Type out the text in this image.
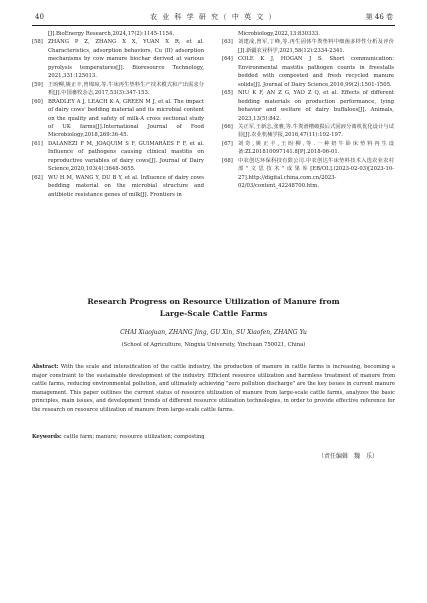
40	农 业 科 学 研 究（ 中 英 文 ）	第 46 卷
[J].BioEnergy Research,2024,17(2):1145-1154.
[58] ZHANG P Z, ZHANG X X, YUAN X R, et al. Characteristics, adsorption behaviors, Cu (II) adsorption mechanisms by cow manure biochar derived at various pyrolysis temperatures[J]. Bioresource Technology, 2021,331:125013.
[59] 王盼柳,姚正丰,曾锦琼,等.牛床再生垫料生产技术模式和产出需求分析[J].中国畜牧杂志,2017,53(3):347-153.
[60] BRADLEY A J, LEACH K A, GREEN M J, et al. The impact of dairy cows' bedding material and its microbial content on the quality and safety of milk-A cross sectional study of UK farms[J].International Journal of Food Microbiology,2018,269:36-45.
[61] DALANEZI F M, JOAQUIM S F, GUIMARÃES F F, et al. Influence of pathogens causing clinical mastitis on reproductive variables of dairy cows[J]. Journal of Dairy Science,2020,103(4):3648-3655.
[62] WU H M, WANG Y, DU B Y, et al. Influence of dairy cows bedding material on the microbial structure and antibiotic resistance genes of milk[J]. Frontiers in
Microbiology,2022,13:830333.
[63] 刘建成,曾军,丁峰,等.再生固体牛粪垫料中细菌多样性分析及评价[J].新疆农业科学,2021,58(12):2334-2341.
[64] COLE K J, HOGAN J S. Short communication: Environmental mastitis pathogen counts in freestalls bedded with composted and fresh recycled manure solids[J]. Journal of Dairy Science,2016,99(2):1501-1505.
[65] NIU K F, AN Z G, YAO Z Q, et al. Effects of different bedding materials on production performance, lying behavior and welfare of dairy buffaloes[J]. Animals, 2023,13(5):842.
[66] 关正军,王新志,张雅,等.牛粪滑槽破损后式固液分离机优化设计与试验[J].农业机械学报,2016,47(11):192-197.
[67] 刘奇,姚正丰,王盼柳,等.一种奶牛卧床垫料再生设备:ZL201810097141.8[P].2018-06-01.
[68] 中农创达环保科技有限公司.中农创达牛床垫料技术入选农业农村部"文思技术"成果库[EB/OL].(2023-02-03)[2023-10-27].http://digital.china.com.cn/2023-02/03/content_42248700.htm.
Research Progress on Resource Utilization of Manure from
Large-Scale Cattle Farms
CHAI Xiaojuan, ZHANG Jing, GU Xin, SU Xiaofen, ZHANG Yu
(School of Agriculture, Ningxia University, Yinchuan 750021, China)
Abstract: With the scale and intensification of the cattle industry, the production of manure in cattle farms is increasing, becoming a major constraint to the sustainable development of the industry. Efficient resource utilization and harmless treatment of manure from cattle farms, reducing environmental pollution, and ultimately achieving "zero pollution discharge" are the key issues in current manure management. This paper outlines the current status of resource utilization of manure from large-scale cattle farms, analyzes the basic principles, main issues, and development trends of different resource utilization technologies, in order to provide effective reference for the research on resource utilization of manure from large-scale cattle farms.
Keywords: cattle farm; manure; resource utilization; composting
（责任编辑　魏　乐）
